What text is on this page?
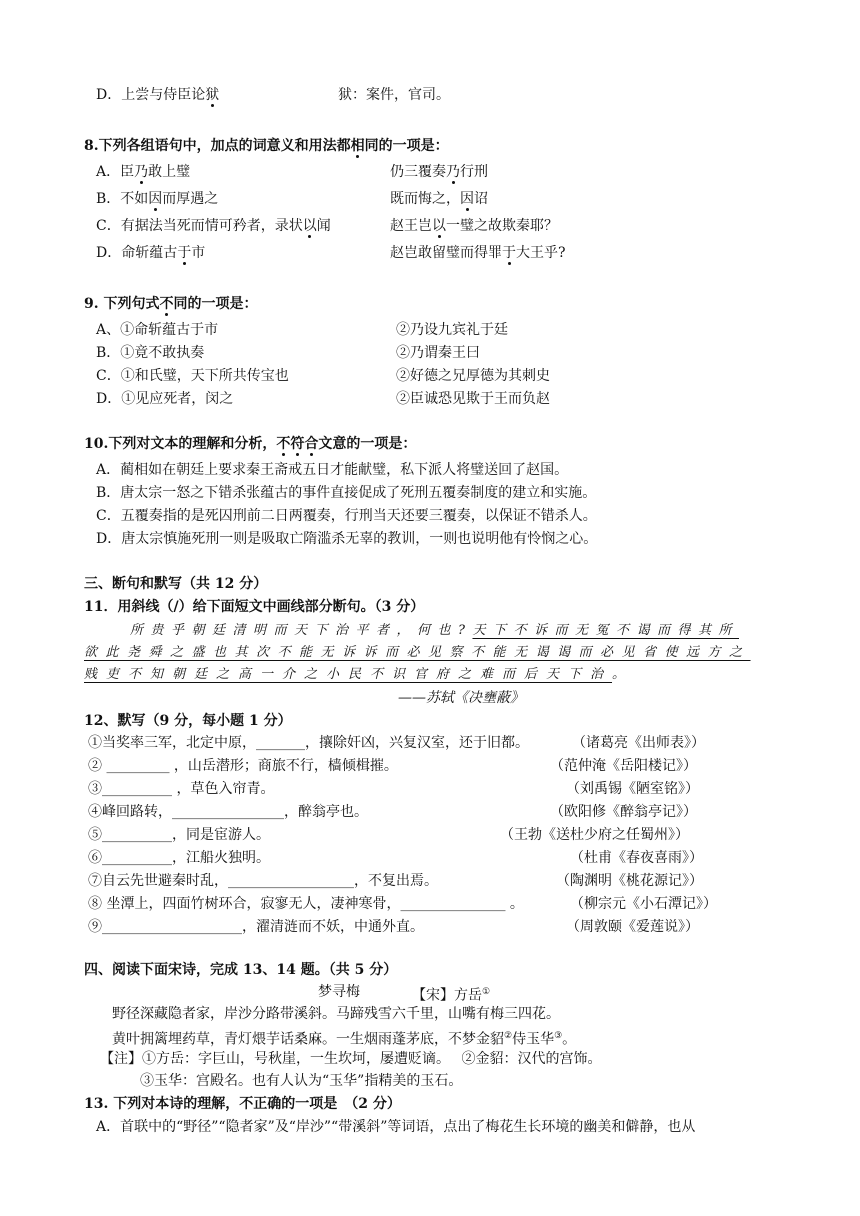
D．上尝与侍臣论狱	狱：案件，官司。
8.下列各组语句中，加点的词意义和用法都相同的一项是：
A．臣乃敢上璧	仍三覆奏乃行刑
B．不如因而厚遇之	既而悔之，因诏
C．有据法当死而情可矜者，录状以闻	赵王岂以一璧之故欺秦耶？
D．命斩蕴古于市	赵岂敢留璧而得罪于大王乎?
9. 下列句式不同的一项是：
A、①命斩蕴古于市	②乃设九宾礼于廷
B．①竟不敢执奏	②乃谓秦王曰
C．①和氏璧，天下所共传宝也	②好德之兄厚德为其刺史
D．①见应死者，闵之	②臣诚恐见欺于王而负赵
10.下列对文本的理解和分析，不符合文意的一项是：
A．蔺相如在朝廷上要求秦王斋戒五日才能献璧，私下派人将璧送回了赵国。
B．唐太宗一怒之下错杀张蕴古的事件直接促成了死刑五覆奏制度的建立和实施。
C．五覆奏指的是死囚刑前二日两覆奏，行刑当天还要三覆奏，以保证不错杀人。
D．唐太宗慎施死刑一则是吸取亡隋滥杀无辜的教训，一则也说明他有怜悯之心。
三、断句和默写（共 12 分）
11．用斜线（/）给下面短文中画线部分断句。（3 分）
所贵乎朝廷清明而天下治平者，何也?天下不诉而无冤不谒而得其所
欲此尧舜之盛也其次不能无诉诉而必见察不能无谒谒而必见省使远方之
贱吏不知朝廷之高一介之小民不识官府之难而后天下治。
——苏轼《决壅蔽》
12、默写（9 分，每小题 1 分）
①当奖率三军，北定中原，_______，攘除奸凶，兴复汉室，还于旧都。	（诸葛亮《出师表》）
② _________ ，山岳潜形；商旅不行，樯倾楫摧。	（范仲淹《岳阳楼记》）
③__________ ，草色入帘青。	（刘禹锡《陋室铭》）
④峰回路转，________________，醉翁亭也。	（欧阳修《醉翁亭记》）
⑤__________，同是宦游人。	（王勃《送杜少府之任蜀州》）
⑥__________，江船火独明。	（杜甫《春夜喜雨》）
⑦自云先世避秦时乱，__________________，不复出焉。	（陶渊明《桃花源记》）
⑧ 坐潭上，四面竹树环合，寂寥无人，凄神寒骨，_______________ 。	（柳宗元《小石潭记》）
⑨____________________，濯清涟而不妖，中通外直。	（周敦颐《爱莲说》）
四、阅读下面宋诗，完成 13、14 题。（共 5 分）
梦寻梅	【宋】方岳①
野径深藏隐者家，岸沙分路带溪斜。马蹄残雪六千里，山嘴有梅三四花。
黄叶拥篱埋药草，青灯煨芋话桑麻。一生烟雨蓬茅底，不梦金貂②侍玉华③。
【注】①方岳：字巨山，号秋崖，一生坎坷，屡遭贬谪。　 ②金貂：汉代的宫饰。
③玉华：宫殿名。也有人认为“玉华”指精美的玉石。
13. 下列对本诗的理解，不正确的一项是　（2 分）
A．首联中的“野径”“隐者家”及“岸沙”“带溪斜”等词语，点出了梅花生长环境的幽美和僻静，也从
